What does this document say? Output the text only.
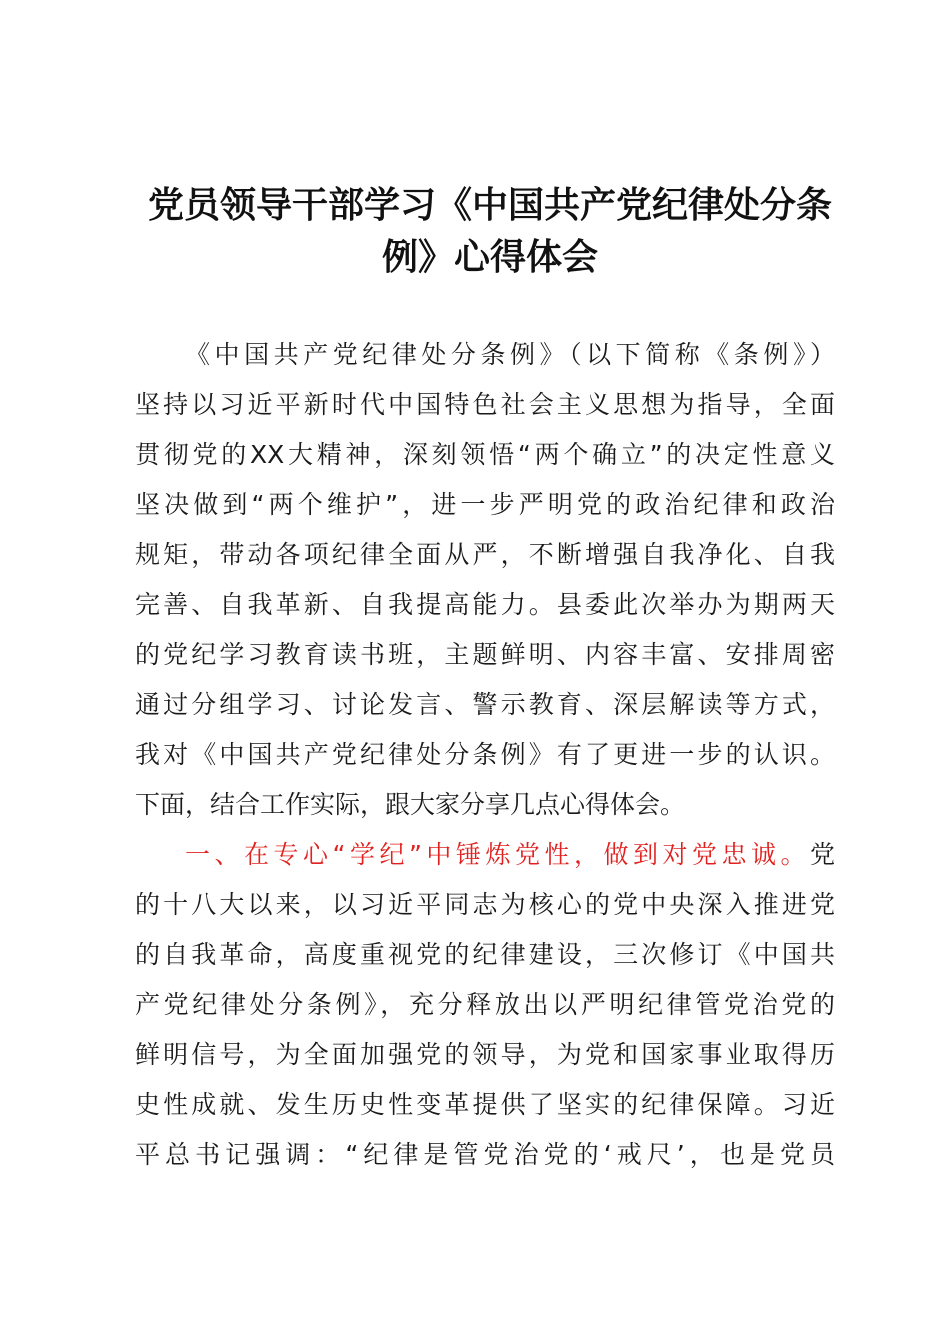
党员领导干部学习《中国共产党纪律处分条
例》心得体会
《中国共产党纪律处分条例》（以下简称《条例》）
坚持以习近平新时代中国特色社会主义思想为指导，全面
贯彻党的XX大精神，深刻领悟“两个确立”的决定性意义
坚决做到“两个维护”，进一步严明党的政治纪律和政治
规矩，带动各项纪律全面从严，不断增强自我净化、自我
完善、自我革新、自我提高能力。县委此次举办为期两天
的党纪学习教育读书班，主题鲜明、内容丰富、安排周密
通过分组学习、讨论发言、警示教育、深层解读等方式，
我对《中国共产党纪律处分条例》有了更进一步的认识。
下面，结合工作实际，跟大家分享几点心得体会。
一、在专心“学纪”中锤炼党性，做到对党忠诚。党
的十八大以来，以习近平同志为核心的党中央深入推进党
的自我革命，高度重视党的纪律建设，三次修订《中国共
产党纪律处分条例》，充分释放出以严明纪律管党治党的
鲜明信号，为全面加强党的领导，为党和国家事业取得历
史性成就、发生历史性变革提供了坚实的纪律保障。习近
平总书记强调：“纪律是管党治党的‘戒尺’，也是党员
